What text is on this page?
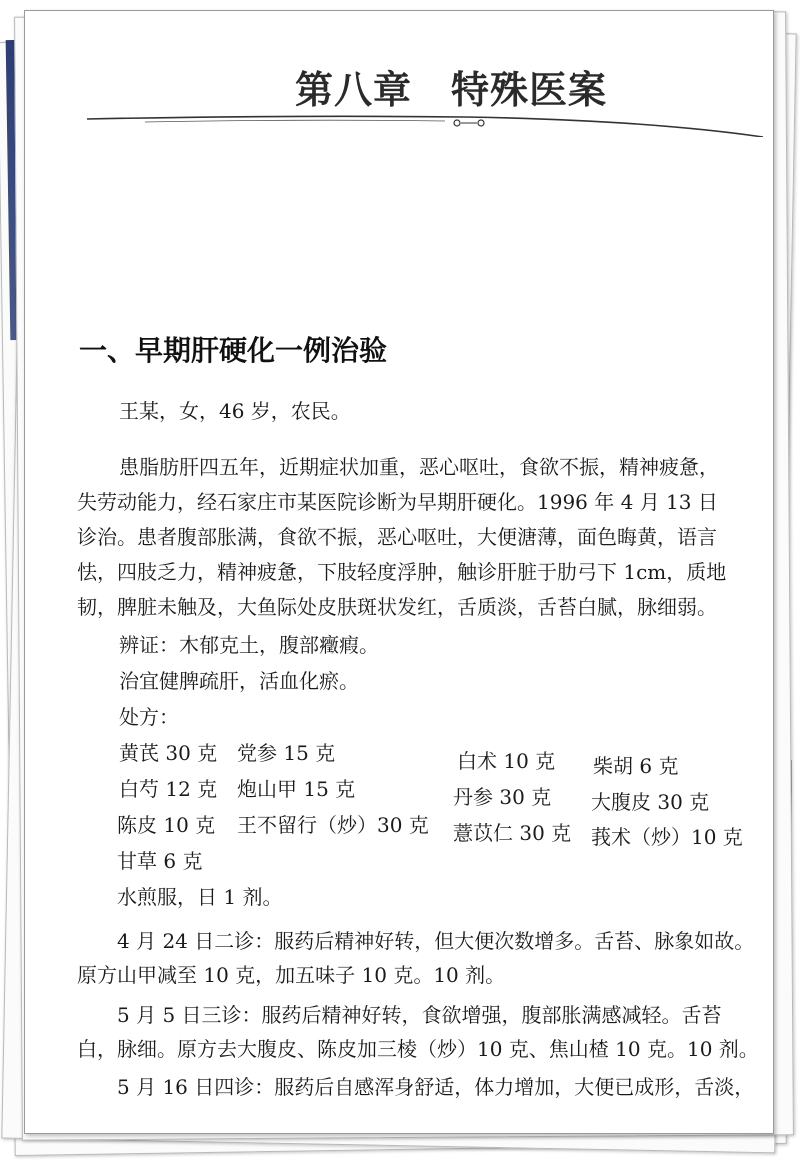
第八章　特殊医案
一、早期肝硬化一例治验
王某，女，46 岁，农民。
患脂肪肝四五年，近期症状加重，恶心呕吐，食欲不振，精神疲惫，
失劳动能力，经石家庄市某医院诊断为早期肝硬化。1996 年 4 月 13 日
诊治。患者腹部胀满，食欲不振，恶心呕吐，大便溏薄，面色晦黄，语言
怯，四肢乏力，精神疲惫，下肢轻度浮肿，触诊肝脏于肋弓下 1cm，质地
韧，脾脏未触及，大鱼际处皮肤斑状发红，舌质淡，舌苔白腻，脉细弱。
辨证：木郁克土，腹部癥瘕。
治宜健脾疏肝，活血化瘀。
处方：
黄芪 30 克 党参 15 克	白术 10 克 柴胡 6 克
白芍 12 克 炮山甲 15 克	丹参 30 克 大腹皮 30 克
陈皮 10 克 王不留行（炒）30 克 薏苡仁 30 克 莪术（炒）10 克
甘草 6 克
水煎服，日 1 剂。
4 月 24 日二诊：服药后精神好转，但大便次数增多。舌苔、脉象如故。
原方山甲减至 10 克，加五味子 10 克。10 剂。
5 月 5 日三诊：服药后精神好转，食欲增强，腹部胀满感减轻。舌苔
白，脉细。原方去大腹皮、陈皮加三棱（炒）10 克、焦山楂 10 克。10 剂。
5 月 16 日四诊：服药后自感浑身舒适，体力增加，大便已成形，舌淡，
